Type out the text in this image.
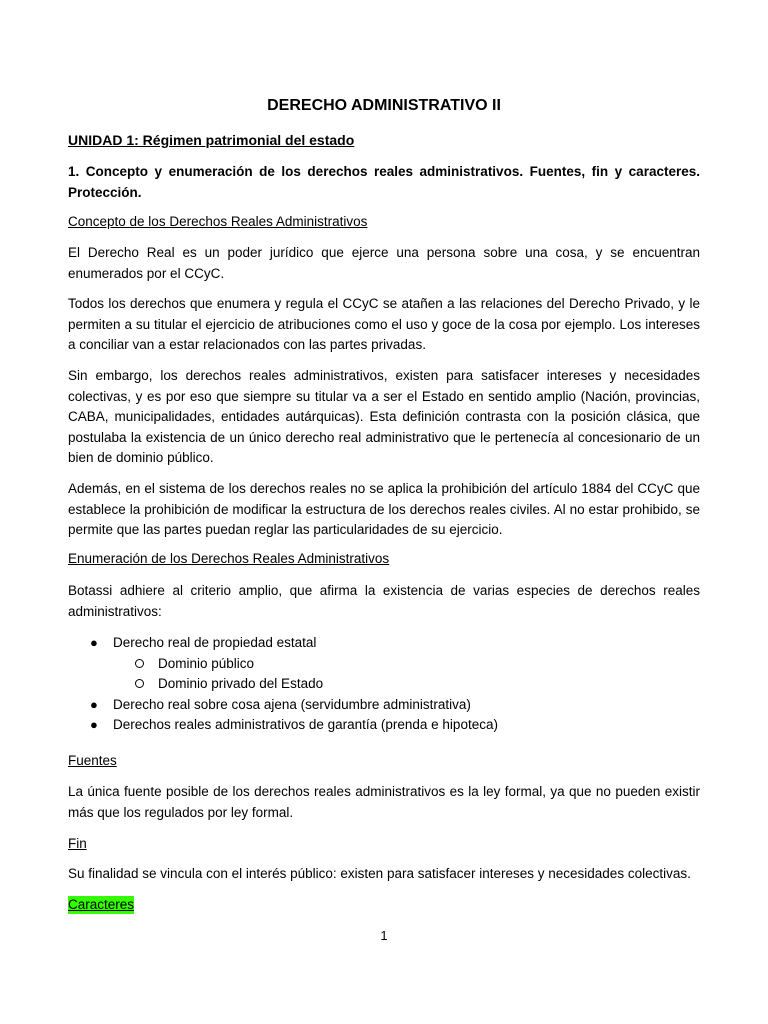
DERECHO ADMINISTRATIVO II
UNIDAD 1: Régimen patrimonial del estado
1. Concepto y enumeración de los derechos reales administrativos. Fuentes, fin y caracteres. Protección.
Concepto de los Derechos Reales Administrativos
El Derecho Real es un poder jurídico que ejerce una persona sobre una cosa, y se encuentran enumerados por el CCyC.
Todos los derechos que enumera y regula el CCyC se atañen a las relaciones del Derecho Privado, y le permiten a su titular el ejercicio de atribuciones como el uso y goce de la cosa por ejemplo. Los intereses a conciliar van a estar relacionados con las partes privadas.
Sin embargo, los derechos reales administrativos, existen para satisfacer intereses y necesidades colectivas, y es por eso que siempre su titular va a ser el Estado en sentido amplio (Nación, provincias, CABA, municipalidades, entidades autárquicas). Esta definición contrasta con la posición clásica, que postulaba la existencia de un único derecho real administrativo que le pertenecía al concesionario de un bien de dominio público.
Además, en el sistema de los derechos reales no se aplica la prohibición del artículo 1884 del CCyC que establece la prohibición de modificar la estructura de los derechos reales civiles. Al no estar prohibido, se permite que las partes puedan reglar las particularidades de su ejercicio.
Enumeración de los Derechos Reales Administrativos
Botassi adhiere al criterio amplio, que afirma la existencia de varias especies de derechos reales administrativos:
● Derecho real de propiedad estatal
Dominio público
Dominio privado del Estado
● Derecho real sobre cosa ajena (servidumbre administrativa)
● Derechos reales administrativos de garantía (prenda e hipoteca)
Fuentes
La única fuente posible de los derechos reales administrativos es la ley formal, ya que no pueden existir más que los regulados por ley formal.
Fin
Su finalidad se vincula con el interés público: existen para satisfacer intereses y necesidades colectivas.
Caracteres
1
